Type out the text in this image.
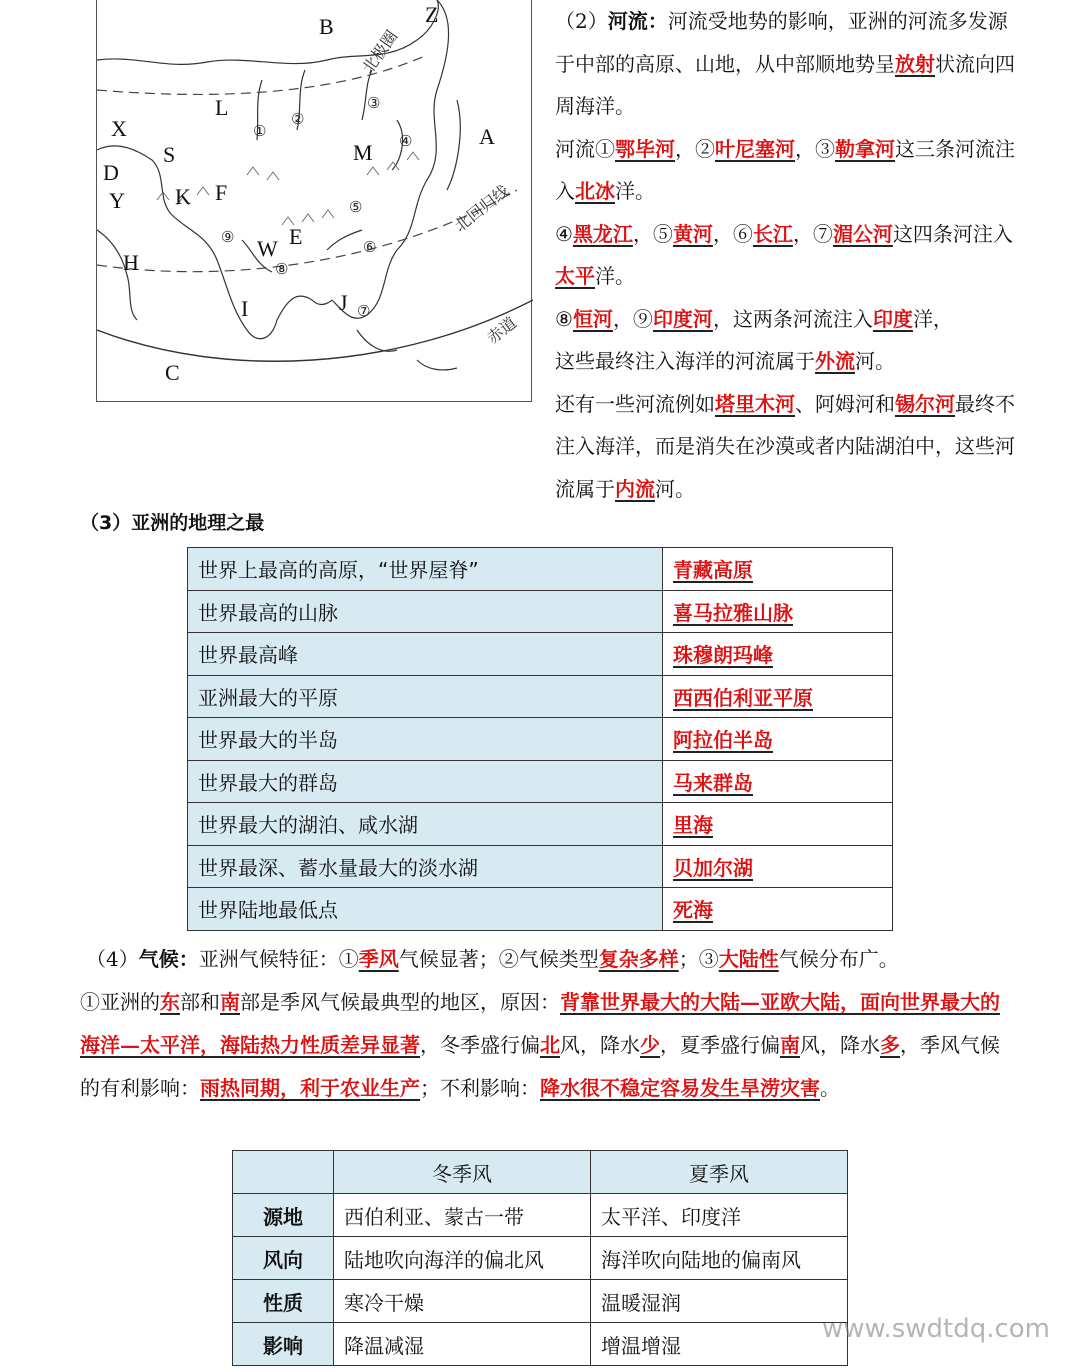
B	Z
A
L
X
S
D
Y K F
M
W E
H
I	J
C
①
②
③
④
⑤
⑥
⑦
⑧
⑨
北极圈
北回归线
赤道

（2）河流：河流受地势的影响，亚洲的河流多发源于中部的高原、山地，从中部顺地势呈放射状流向四周海洋。

河流①鄂毕河，②叶尼塞河，③勒拿河这三条河流注入北冰洋。

④黑龙江，⑤黄河，⑥长江，⑦湄公河这四条河注入太平洋。

⑧恒河，⑨印度河，这两条河流注入印度洋，

这些最终注入海洋的河流属于外流河。

还有一些河流例如塔里木河、阿姆河和锡尔河最终不注入海洋，而是消失在沙漠或者内陆湖泊中，这些河流属于内流河。

（3）亚洲的地理之最
世界上最高的高原，“世界屋脊”	青藏高原
世界最高的山脉	喜马拉雅山脉
世界最高峰	珠穆朗玛峰
亚洲最大的平原	西西伯利亚平原
世界最大的半岛	阿拉伯半岛
世界最大的群岛	马来群岛
世界最大的湖泊、咸水湖	里海
世界最深、蓄水量最大的淡水湖	贝加尔湖
世界陆地最低点	死海

（4）气候：亚洲气候特征：①季风气候显著；②气候类型复杂多样；③大陆性气候分布广。

①亚洲的东部和南部是季风气候最典型的地区，原因：背靠世界最大的大陆—亚欧大陆，面向世界最大的海洋—太平洋，海陆热力性质差异显著，冬季盛行偏北风，降水少，夏季盛行偏南风，降水多，季风气候的有利影响：雨热同期，利于农业生产；不利影响：降水很不稳定容易发生旱涝灾害。

	冬季风	夏季风
源地	西伯利亚、蒙古一带	太平洋、印度洋
风向	陆地吹向海洋的偏北风	海洋吹向陆地的偏南风
性质	寒冷干燥	温暖湿润
影响	降温减湿	增温增湿
www.swdtdq.com
